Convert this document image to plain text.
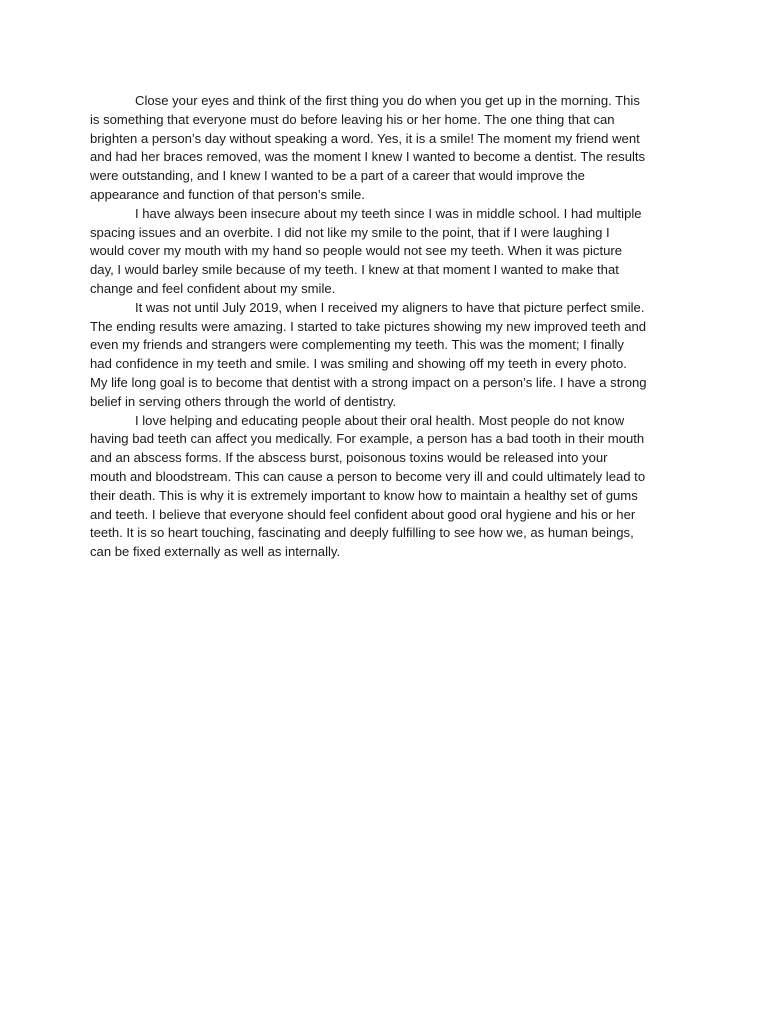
Close your eyes and think of the first thing you do when you get up in the morning. This
is something that everyone must do before leaving his or her home. The one thing that can
brighten a person’s day without speaking a word. Yes, it is a smile! The moment my friend went
and had her braces removed, was the moment I knew I wanted to become a dentist. The results
were outstanding, and I knew I wanted to be a part of a career that would improve the
appearance and function of that person’s smile.
I have always been insecure about my teeth since I was in middle school. I had multiple
spacing issues and an overbite. I did not like my smile to the point, that if I were laughing I
would cover my mouth with my hand so people would not see my teeth. When it was picture
day, I would barley smile because of my teeth. I knew at that moment I wanted to make that
change and feel confident about my smile.
It was not until July 2019, when I received my aligners to have that picture perfect smile.
The ending results were amazing. I started to take pictures showing my new improved teeth and
even my friends and strangers were complementing my teeth. This was the moment; I finally
had confidence in my teeth and smile. I was smiling and showing off my teeth in every photo.
My life long goal is to become that dentist with a strong impact on a person’s life. I have a strong
belief in serving others through the world of dentistry.
I love helping and educating people about their oral health. Most people do not know
having bad teeth can affect you medically. For example, a person has a bad tooth in their mouth
and an abscess forms. If the abscess burst, poisonous toxins would be released into your
mouth and bloodstream. This can cause a person to become very ill and could ultimately lead to
their death. This is why it is extremely important to know how to maintain a healthy set of gums
and teeth. I believe that everyone should feel confident about good oral hygiene and his or her
teeth. It is so heart touching, fascinating and deeply fulfilling to see how we, as human beings,
can be fixed externally as well as internally.
